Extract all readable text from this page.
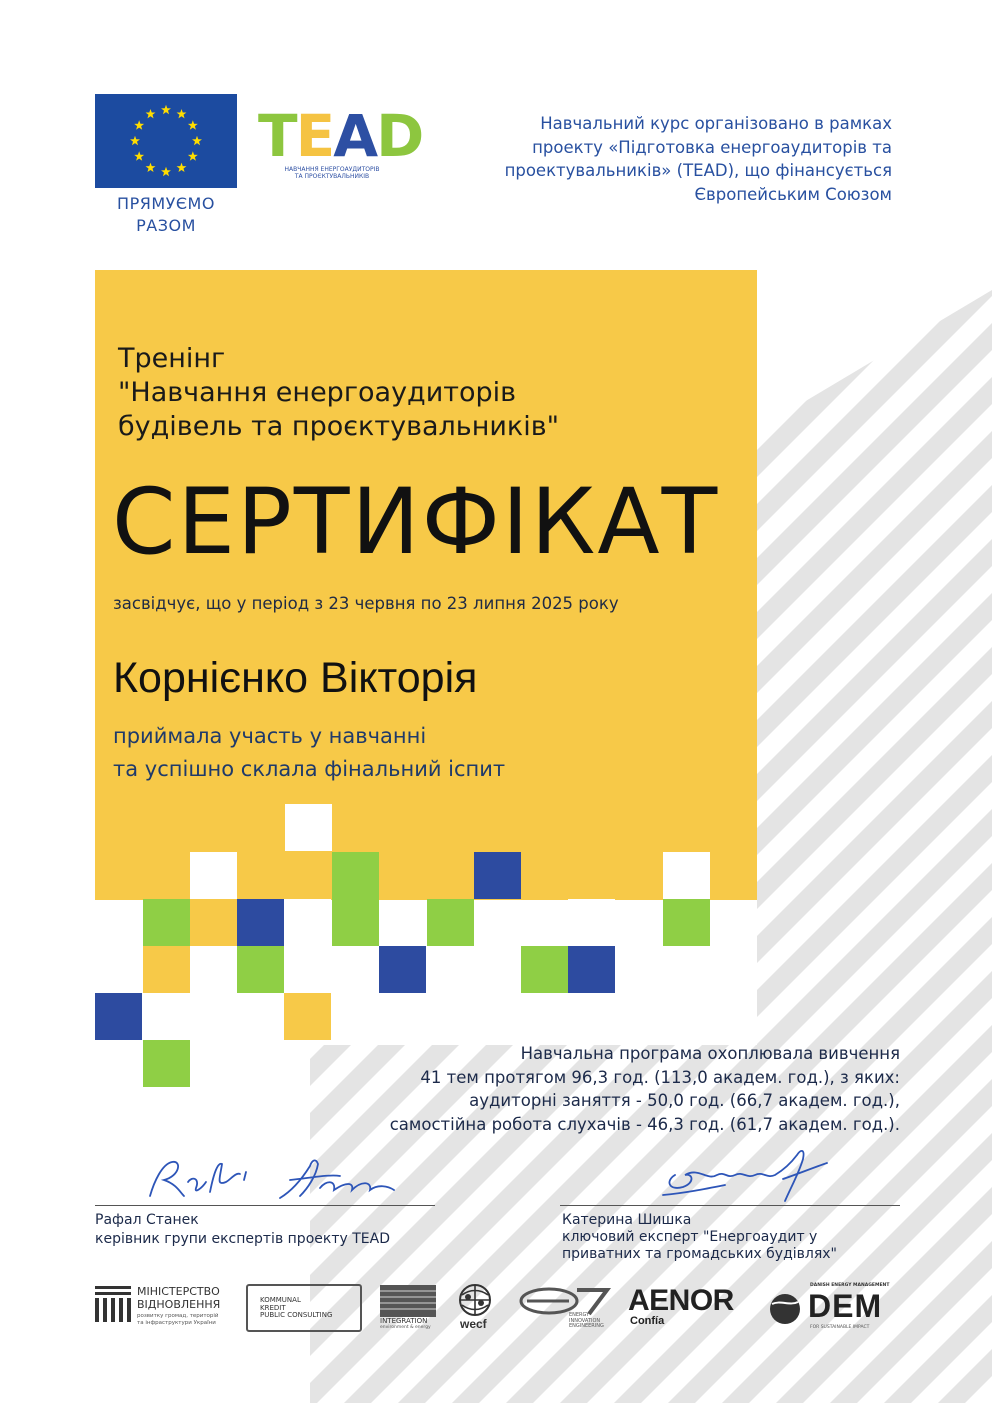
ПРЯМУЄМО
РАЗОМ
TEAD
НАВЧАННЯ ЕНЕРГОАУДИТОРІВ
ТА ПРОЄКТУВАЛЬНИКІВ
Навчальний курс організовано в рамках
проекту «Підготовка енергоаудиторів та
проектувальників» (TEAD), що фінансується
Європейським Союзом
Тренінг
"Навчання енергоаудиторів
будівель та проєктувальників"
СЕРТИФІКАТ
засвідчує, що у період з 23 червня по 23 липня 2025 року
Корнієнко Вікторія
приймала участь у навчанні
та успішно склала фінальний іспит
Навчальна програма охоплювала вивчення
41 тем протягом 96,3 год. (113,0 академ. год.), з яких:
аудиторні заняття - 50,0 год. (66,7 академ. год.),
самостійна робота слухачів - 46,3 год. (61,7 академ. год.).
Рафал Станек
керівник групи експертів проекту TEAD
Катерина Шишка
ключовий експерт "Енергоаудит у
приватних та громадських будівлях"
МІНІСТЕРСТВО
ВІДНОВЛЕННЯ
розвитку громад, територій
та інфраструктури України
KOMMUNAL
KREDIT
PUBLIC CONSULTING
INTEGRATION
environment & energy wecf
ENERGY
INNOVATION
ENGINEERING
AENOR
Confía
DANISH ENERGY MANAGEMENT
DEM
FOR SUSTAINABLE IMPACT
